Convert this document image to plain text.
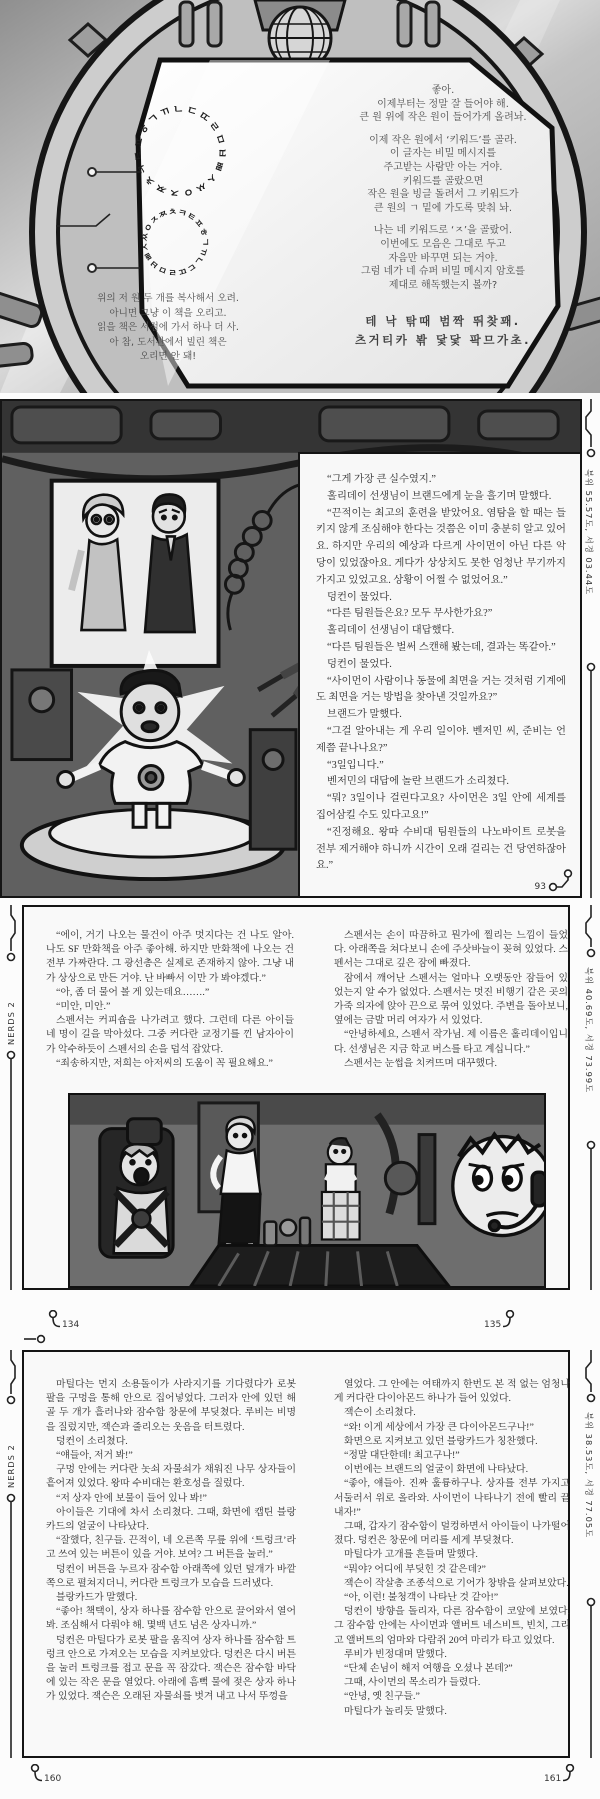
ㄱ
ㄲ ㄴ ㄷ
ㄸ
ㄹ
ㅁ
ㅂ
ㅃ
ㅅ
ㅆ
ㅇ
ㅈ
ㅉ
ㅊ
ㅋ
ㅌ
ㅍ
ㅎ
ㄱ
ㄲ
ㄴ
ㄷ
ㄸ
ㄹ
ㅁ
ㅂ
ㅃ
ㅅ
ㅆ
ㅇ
ㅈ
ㅉ
ㅊ
ㅋ
ㅌ
ㅍ
ㅎ

좋아.

이제부터는 정말 잘 들어야 해.

큰 원 위에 작은 원이 들어가게 올려놔.

이제 작은 원에서 ‘키워드’를 골라.

이 글자는 비밀 메시지를

주고받는 사람만 아는 거야.

키워드를 골랐으면

작은 원을 빙글 돌려서 그 키워드가

큰 원의 ㄱ 밑에 가도록 맞춰 놔.

나는 네 키워드로 ‘ㅈ’을 골랐어.

이번에도 모음은 그대로 두고

자음만 바꾸면 되는 거야.

그럼 네가 네 슈퍼 비밀 메시지 암호를

제대로 해독했는지 볼까?

테 낙 탂때 범짝 뛰찾꽤.

츠거티카 봒 닻닻 팍므가초.

위의 저 원 두 개를 복사해서 오려.

아니면 그냥 이 책을 오리고.

읽을 책은 서점에 가서 하나 더 사.

아 참, 도서관에서 빌린 책은

오리면 안 돼!

“그게 가장 큰 실수였지.”

홀리데이 선생님이 브랜드에게 눈을 흘기며 말했다.

“끈적이는 최고의 훈련을 받았어요. 염탐을 할 때는 들키지 않게 조심해야 한다는 것쯤은 이미 충분히 알고 있어요. 하지만 우리의 예상과 다르게 사이먼이 아닌 다른 악당이 있었잖아요. 게다가 상상치도 못한 엄청난 무기까지 가지고 있었고요. 상황이 어쩔 수 없었어요.”

덩컨이 물었다.

“다른 팀원들은요? 모두 무사한가요?”

홀리데이 선생님이 대답했다.

“다른 팀원들은 벌써 스캔해 봤는데, 결과는 똑같아.”

덩컨이 물었다.

“사이먼이 사람이나 동물에 최면을 거는 것처럼 기계에도 최면을 거는 방법을 찾아낸 것일까요?”

브랜드가 말했다.

“그걸 알아내는 게 우리 일이야. 벤저민 씨, 준비는 언제쯤 끝나나요?”

“3일입니다.”

벤저민의 대답에 놀란 브랜드가 소리쳤다.

“뭐? 3일이나 걸린다고요? 사이먼은 3일 안에 세계를 집어삼킬 수도 있다고요!”

“진정해요. 왕따 수비대 팀원들의 나노바이트 로봇을 전부 제거해야 하니까 시간이 오래 걸리는 건 당연하잖아요.”

93
북위 55.57도, 서경 03.44도

“에이, 거기 나오는 물건이 아주 멋지다는 건 나도 알아. 나도 SF 만화책을 아주 좋아해. 하지만 만화책에 나오는 건 전부 가짜란다. 그 광선총은 실제로 존재하지 않아. 그냥 내가 상상으로 만든 거야. 난 바빠서 이만 가 봐야겠다.”

“아, 좀 더 물어 볼 게 있는데요…….”

“미안, 미안.”

스펜서는 커피숍을 나가려고 했다. 그런데 다른 아이들 네 명이 길을 막아섰다. 그중 커다란 교정기를 낀 남자아이가 악수하듯이 스펜서의 손을 덥석 잡았다.

“죄송하지만, 저희는 아저씨의 도움이 꼭 필요해요.”

스펜서는 손이 따끔하고 뭔가에 찔리는 느낌이 들었다. 아래쪽을 쳐다보니 손에 주삿바늘이 꽂혀 있었다. 스펜서는 그대로 깊은 잠에 빠졌다.

잠에서 깨어난 스펜서는 얼마나 오랫동안 잠들어 있었는지 알 수가 없었다. 스펜서는 멋진 비행기 같은 곳의 가죽 의자에 앉아 끈으로 묶여 있었다. 주변을 돌아보니, 옆에는 금발 머리 여자가 서 있었다.

“안녕하세요, 스펜서 작가님. 제 이름은 홀리데이입니다. 선생님은 지금 학교 버스를 타고 계십니다.”

스펜서는 눈썹을 치켜뜨며 대꾸했다.

NERDS 2	북위 40.69도, 서경 73.99도
134	135

마틸다는 먼지 소용돌이가 사라지기를 기다렸다가 로봇 팔을 구멍을 통해 안으로 집어넣었다. 그러자 안에 있던 해골 두 개가 흘러나와 잠수함 창문에 부딪쳤다. 루비는 비명을 질렀지만, 잭슨과 줄리오는 웃음을 터트렸다.

덩컨이 소리쳤다.

“얘들아, 저거 봐!”

구멍 안에는 커다란 놋쇠 자물쇠가 채워진 나무 상자들이 흩어져 있었다. 왕따 수비대는 환호성을 질렀다.

“저 상자 안에 보물이 들어 있나 봐!”

아이들은 기대에 차서 소리쳤다. 그때, 화면에 캡틴 블랑카드의 얼굴이 나타났다.

“잘했다, 친구들. 끈적이, 네 오른쪽 무릎 위에 ‘트렁크’라고 쓰여 있는 버튼이 있을 거야. 보여? 그 버튼을 눌러.”

덩컨이 버튼을 누르자 잠수함 아래쪽에 있던 덮개가 바깥쪽으로 펼쳐지더니, 커다란 트렁크가 모습을 드러냈다.

블랑카드가 말했다.

“좋아! 책택이, 상자 하나를 잠수함 안으로 끌어와서 열어 봐. 조심해서 다뤄야 해. 몇백 년도 넘은 상자니까.”

덩컨은 마틸다가 로봇 팔을 움직여 상자 하나를 잠수함 트렁크 안으로 가져오는 모습을 지켜보았다. 덩컨은 다시 버튼을 눌러 트렁크를 접고 문을 꼭 잠갔다. 잭슨은 잠수함 바닥에 있는 작은 문을 열었다. 아래에 흠뻑 물에 젖은 상자 하나가 있었다. 잭슨은 오래된 자물쇠를 벗겨 내고 나서 뚜껑을

열었다. 그 안에는 여태까지 한번도 본 적 없는 엄청나게 커다란 다이아몬드 하나가 들어 있었다.

잭슨이 소리쳤다.

“와! 이게 세상에서 가장 큰 다이아몬드구나!”

화면으로 지켜보고 있던 블랑카드가 칭찬했다.

“정말 대단한데! 최고구나!”

이번에는 브랜드의 얼굴이 화면에 나타났다.

“좋아, 얘들아. 진짜 훌륭하구나. 상자를 전부 가지고 서둘러서 위로 올라와. 사이먼이 나타나기 전에 빨리 끝내자!”

그때, 갑자기 잠수함이 덜컹하면서 아이들이 나가떨어졌다. 덩컨은 창문에 머리를 세게 부딪쳤다.

마틸다가 고개를 흔들며 말했다.

“뭐야? 어디에 부딪힌 것 같은데?”

잭슨이 작살총 조종석으로 기어가 창밖을 살펴보았다.

“아, 이런! 불청객이 나타난 것 같아!”

덩컨이 방향을 돌리자, 다른 잠수함이 코앞에 보였다. 그 잠수함 안에는 사이먼과 앨버트 네스비트, 빈치, 그리고 앨버트의 엄마와 다람쥐 20여 마리가 타고 있었다.

루비가 빈정대며 말했다.

“단체 손님이 해저 여행을 오셨나 본데?”

그때, 사이먼의 목소리가 들렸다.

“안녕, 옛 친구들.”

마틸다가 놀리듯 말했다.

NERDS 2	북위 38.53도, 서경 77.05도
160	161
